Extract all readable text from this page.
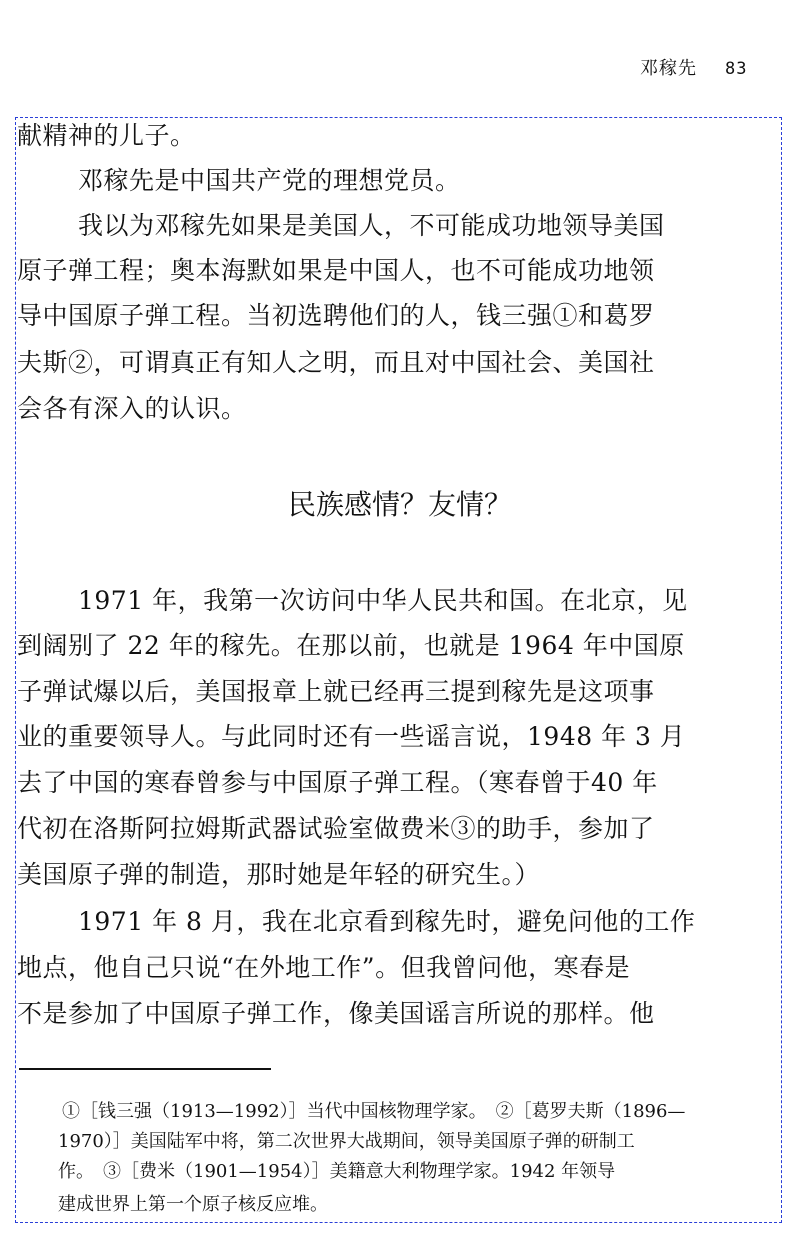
邓稼先 83
献精神的儿子。
邓稼先是中国共产党的理想党员。
我以为邓稼先如果是美国人，不可能成功地领导美国
原子弹工程；奥本海默如果是中国人，也不可能成功地领
导中国原子弹工程。当初选聘他们的人，钱三强①和葛罗
夫斯②，可谓真正有知人之明，而且对中国社会、美国社
会各有深入的认识。
民族感情？友情？
1971 年，我第一次访问中华人民共和国。在北京，见
到阔别了 22 年的稼先。在那以前，也就是 1964 年中国原
子弹试爆以后，美国报章上就已经再三提到稼先是这项事
业的重要领导人。与此同时还有一些谣言说，1948 年 3 月
去了中国的寒春曾参与中国原子弹工程。（寒春曾于40 年
代初在洛斯阿拉姆斯武器试验室做费米③的助手，参加了
美国原子弹的制造，那时她是年轻的研究生。）
1971 年 8 月，我在北京看到稼先时，避免问他的工作
地点，他自己只说“在外地工作”。但我曾问他，寒春是
不是参加了中国原子弹工作，像美国谣言所说的那样。他
①［钱三强（1913—1992）］当代中国核物理学家。　②［葛罗夫斯（1896—
1970）］美国陆军中将，第二次世界大战期间，领导美国原子弹的研制工
作。　③［费米（1901—1954）］美籍意大利物理学家。1942 年领导
建成世界上第一个原子核反应堆。
